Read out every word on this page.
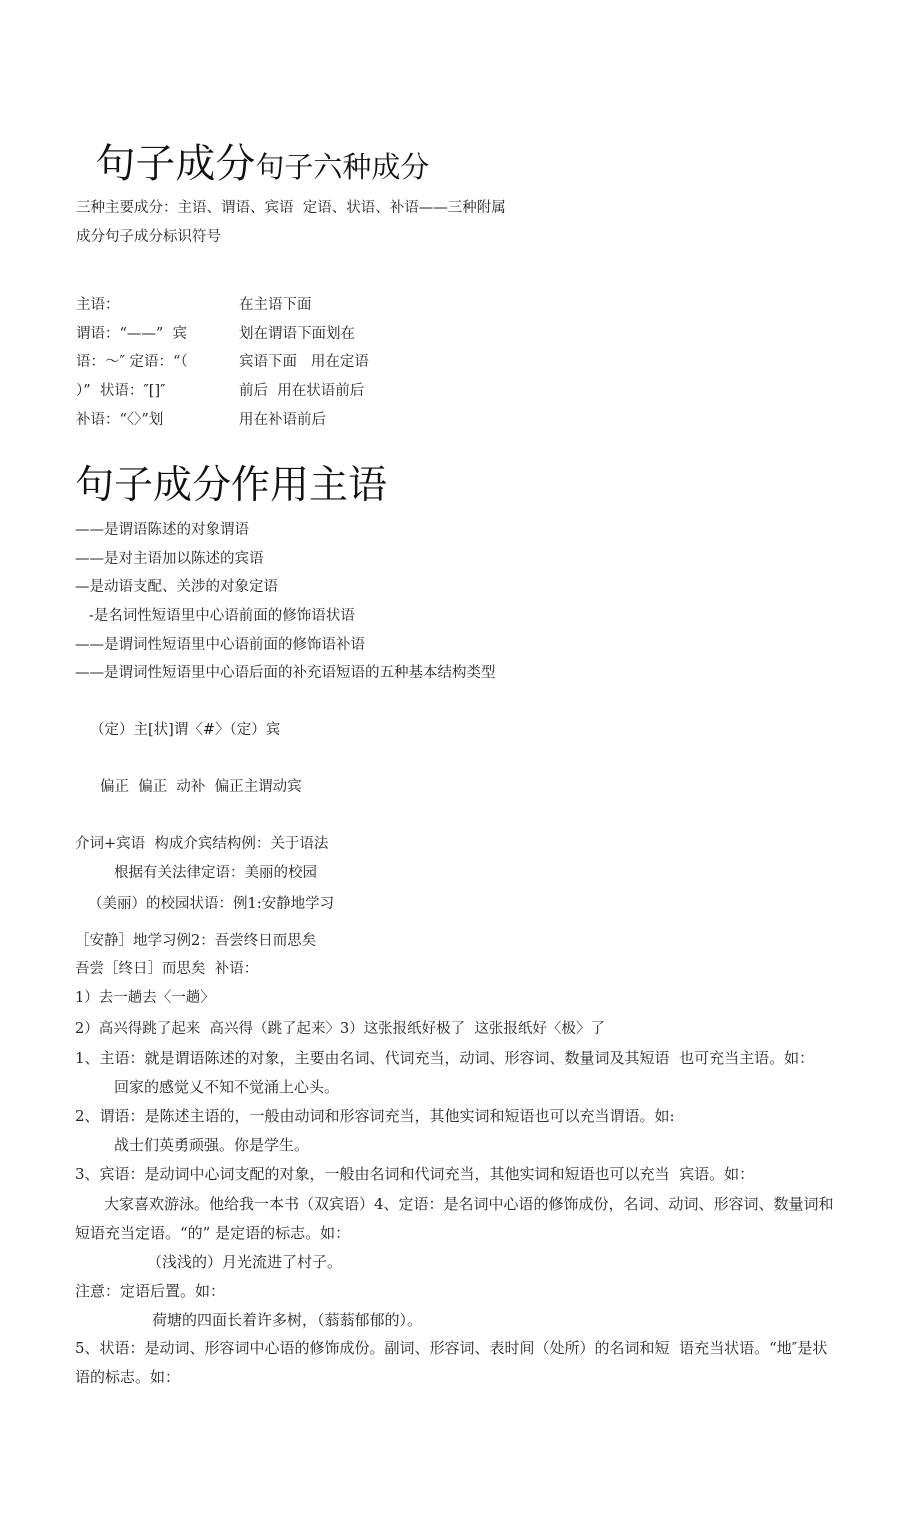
句子成分句子六种成分

三种主要成分：主语、谓语、宾语  定语、状语、补语——三种附属
成分句子成分标识符号
主语：
谓语：“——”  宾
语：～″ 定语：“（
）”  状语：″[]″
补语：“〈〉”划
在主语下面
划在谓语下面划在
宾语下面   用在定语
前后  用在状语前后
用在补语前后
句子成分作用主语
——是谓语陈述的对象谓语
——是对主语加以陈述的宾语
—是动语支配、关涉的对象定语
-是名词性短语里中心语前面的修饰语状语
——是谓词性短语里中心语前面的修饰语补语
——是谓词性短语里中心语后面的补充语短语的五种基本结构类型
（定）主[状]谓〈#〉（定）宾
偏正  偏正  动补  偏正主谓动宾
介词+宾语  构成介宾结构例：关于语法
根据有关法律定语：美丽的校园
（美丽）的校园状语：例1:安静地学习
［安静］地学习例2：吾尝终日而思矣
吾尝［终日］而思矣  补语：
1）去一趟去〈一趟〉
2）高兴得跳了起来  高兴得（跳了起来〉3）这张报纸好极了  这张报纸好〈极〉了
1、主语：就是谓语陈述的对象，主要由名词、代词充当，动词、形容词、数量词及其短语  也可充当主语。如：
回家的感觉乂不知不觉涌上心头。
2、谓语：是陈述主语的，一般由动词和形容词充当，其他实词和短语也可以充当谓语。如:
战士们英勇顽强。你是学生。
3、宾语：是动词中心词支配的对象，一般由名词和代词充当，其他实词和短语也可以充当  宾语。如：
大家喜欢游泳。他给我一本书（双宾语）4、定语：是名词中心语的修饰成份，名词、动词、形容词、数量词和
短语充当定语。“的” 是定语的标志。如：
（浅浅的）月光流进了村子。
注意：定语后置。如：
荷塘的四面长着许多树，（蓊蓊郁郁的）。
5、状语：是动词、形容词中心语的修饰成份。副词、形容词、表时间（处所）的名词和短  语充当状语。“地″是状
语的标志。如：
